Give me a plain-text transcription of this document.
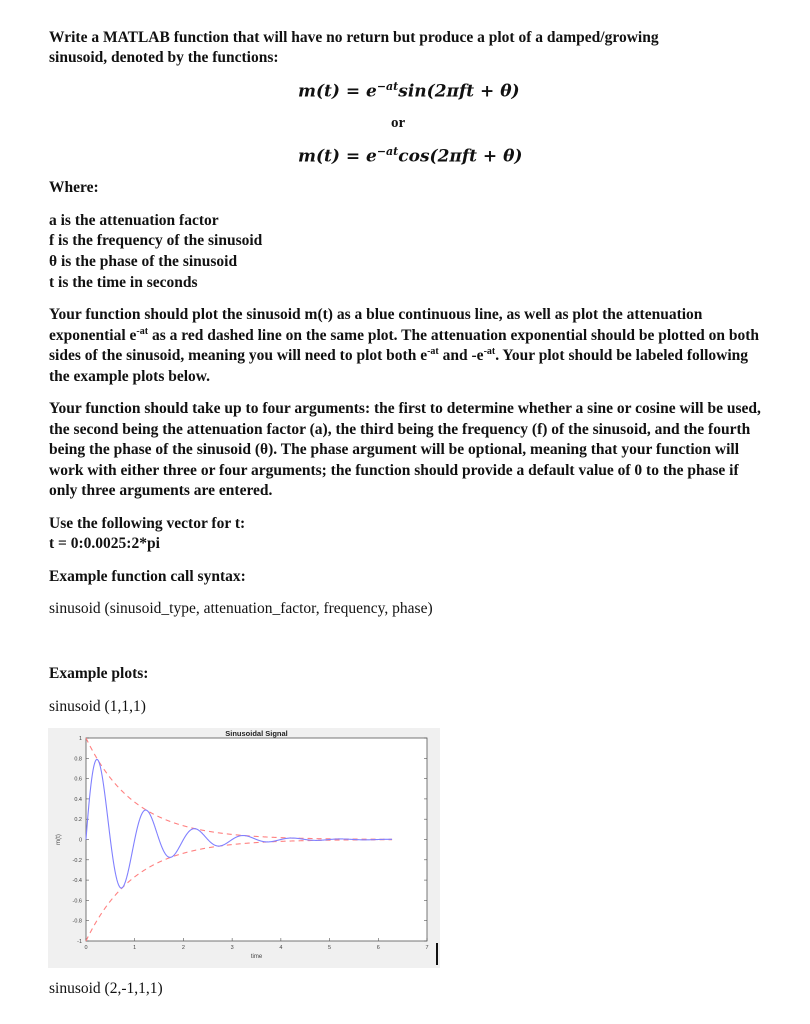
Write a MATLAB function that will have no return but produce a plot of a damped/growing
sinusoid, denoted by the functions:
$m(t) = e^{-at}\sin(2\pi ft + \theta)$
or
$m(t) = e^{-at}\cos(2\pi ft + \theta)$
Where:
a is the attenuation factor
f is the frequency of the sinusoid
θ is the phase of the sinusoid
t is the time in seconds
Your function should plot the sinusoid m(t) as a blue continuous line, as well as plot the attenuation exponential $e^{-at}$ as a red dashed line on the same plot. The attenuation exponential should be plotted on both sides of the sinusoid, meaning you will need to plot both $e^{-at}$ and $-e^{-at}$. Your plot should be labeled following the example plots below.
Your function should take up to four arguments: the first to determine whether a sine or cosine will be used, the second being the attenuation factor (a), the third being the frequency (f) of the sinusoid, and the fourth being the phase of the sinusoid (θ). The phase argument will be optional, meaning that your function will work with either three or four arguments; the function should provide a default value of 0 to the phase if only three arguments are entered.
Use the following vector for t:
t = 0:0.0025:2*pi
Example function call syntax:
sinusoid (sinusoid_type, attenuation_factor, frequency, phase)
Example plots:
sinusoid (1,1,1)
0	1	2	3	4	5	6	7
-1
-0.8
-0.6
-0.4
-0.2
0
0.2
0.4
0.6
0.8
1
Sinusoidal Signal
time
m(t)
sinusoid (2,-1,1,1)
